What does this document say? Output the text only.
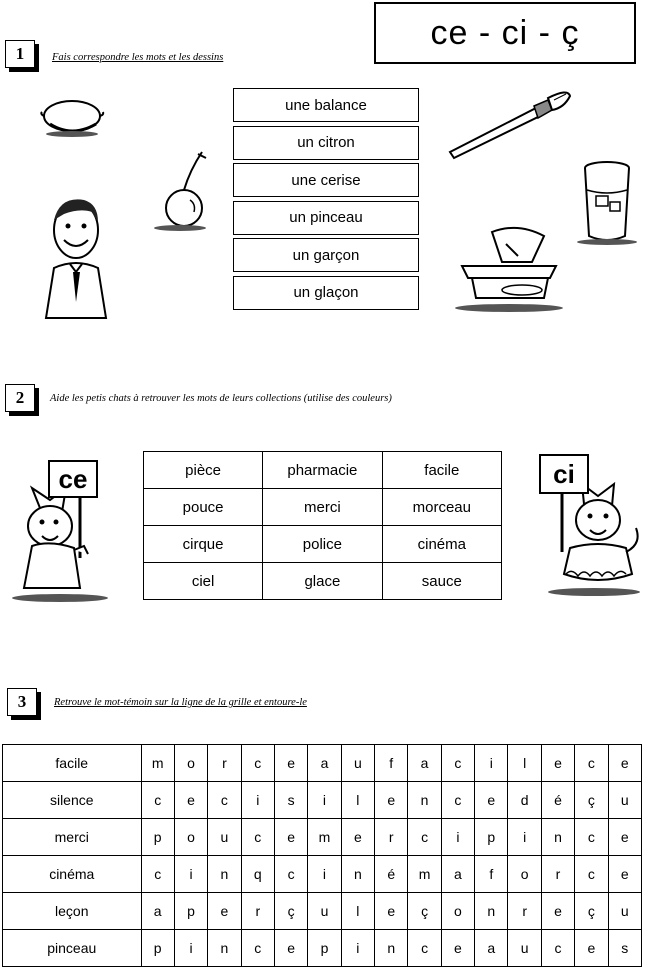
ce - ci - ç
1	Fais correspondre les mots et les dessins
une balance
un citron
une cerise
un pinceau
un garçon
un glaçon
2	Aide les petis chats à retrouver les mots de leurs collections (utilise des couleurs)
ce	ci
pièce	pharmacie	facile
pouce	merci	morceau
cirque	police	cinéma
ciel	glace	sauce
3	Retrouve le mot-témoin sur la ligne de la grille et entoure-le
facile	m	o	r	c	e	a	u	f	a	c	i	l	e	c	e
silence	c	e	c	i	s	i	l	e	n	c	e	d	é	ç	u
merci	p	o	u	c	e	m	e	r	c	i	p	i	n	c	e
cinéma	c	i	n	q	c	i	n	é	m	a	f	o	r	c	e
leçon	a	p	e	r	ç	u	l	e	ç	o	n	r	e	ç	u
pinceau	p	i	n	c	e	p	i	n	c	e	a	u	c	e	s
